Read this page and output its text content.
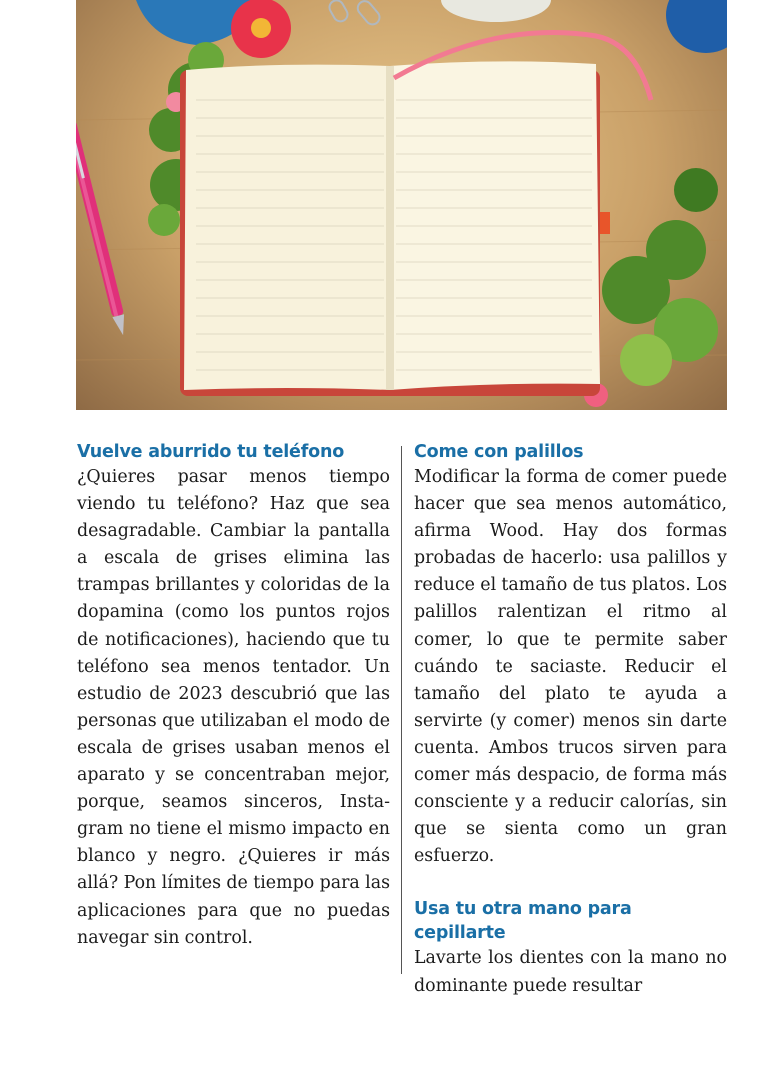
Vuelve aburrido tu teléfono

¿Quieres pasar menos tiempo viendo tu teléfono? Haz que sea desagradable. Cambiar la pantalla a escala de grises elimina las trampas brillantes y coloridas de la dopamina (como los puntos rojos de notificaciones), haciendo que tu teléfono sea menos tentador. Un estudio de 2023 descubrió que las personas que utilizaban el modo de escala de grises usaban menos el aparato y se concentraban mejor, porque, seamos sinceros, Instagram no tiene el mismo impacto en blanco y negro. ¿Quieres ir más allá? Pon límites de tiempo para las aplicaciones para que no puedas navegar sin control.

Come con palillos

Modificar la forma de comer puede hacer que sea menos automático, afirma Wood. Hay dos formas probadas de hacerlo: usa palillos y reduce el tamaño de tus platos. Los palillos ralentizan el ritmo al comer, lo que te permite saber cuándo te saciaste. Reducir el tamaño del plato te ayuda a servirte (y comer) menos sin darte cuenta. Ambos trucos sirven para comer más despacio, de forma más consciente y a reducir calorías, sin que se sienta como un gran esfuerzo.

Usa tu otra mano para cepillarte

Lavarte los dientes con la mano no dominante puede resultar
